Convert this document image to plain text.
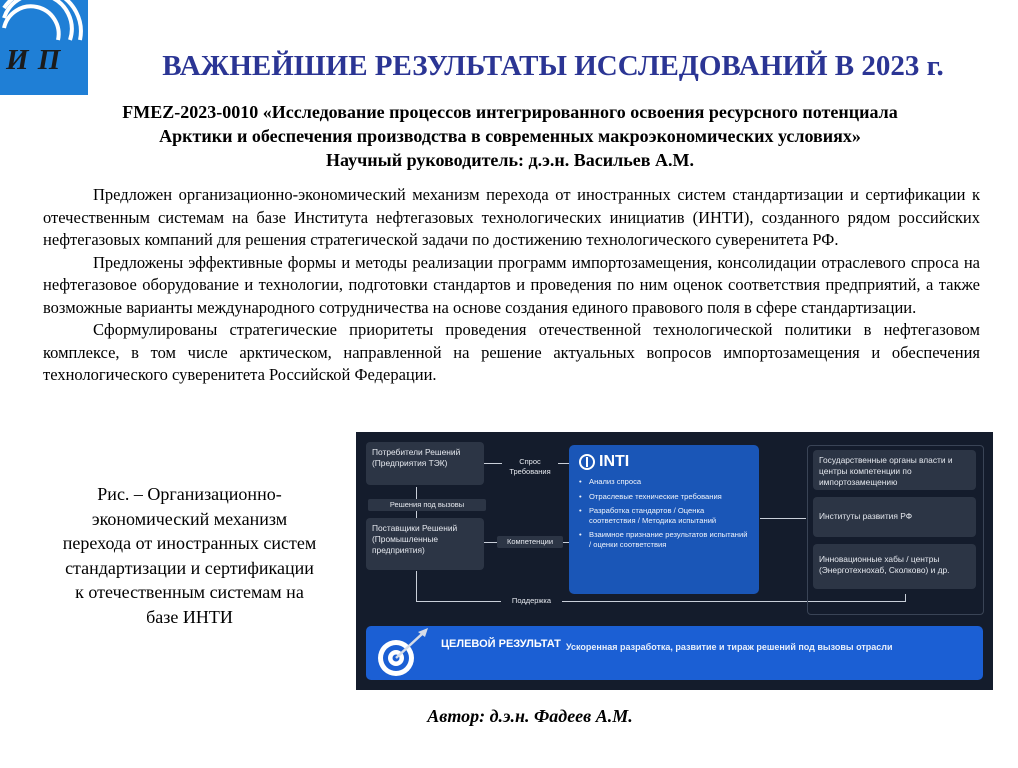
И П	ВАЖНЕЙШИЕ РЕЗУЛЬТАТЫ ИССЛЕДОВАНИЙ В 2023 г.
FMEZ-2023-0010 «Исследование процессов интегрированного освоения ресурсного потенциала
Арктики и обеспечения производства в современных макроэкономических условиях»
Научный руководитель: д.э.н. Васильев А.М.

Предложен организационно-экономический механизм перехода от иностранных систем стандартизации и сертификации к отечественным системам на базе Института нефтегазовых технологических инициатив (ИНТИ), созданного рядом российских нефтегазовых компаний для решения стратегической задачи по достижению технологического суверенитета РФ.

Предложены эффективные формы и методы реализации программ импортозамещения, консолидации отраслевого спроса на нефтегазовое оборудование и технологии, подготовки стандартов и проведения по ним оценок соответствия предприятий, а также возможные варианты международного сотрудничества на основе создания единого правового поля в сфере стандартизации.

Сформулированы стратегические приоритеты проведения отечественной технологической политики в нефтегазовом комплексе, в том числе арктическом, направленной на решение актуальных вопросов импортозамещения и обеспечения технологического суверенитета Российской Федерации.

Рис. – Организационно-экономический механизм перехода от иностранных систем стандартизации и сертификации к отечественным системам на базе ИНТИ
Потребители Решений (Предприятия ТЭК)	Спрос Требования
Решения под вызовы
Поставщики Решений (Промышленные предприятия)
Компетенции
Поддержка
INTI
• Анализ спроса
• Отраслевые технические требования
• Разработка стандартов / Оценка соответствия / Методика испытаний
• Взаимное признание результатов испытаний / оценки соответствия
Государственные органы власти и центры компетенции по импортозамещению
Институты развития РФ
Инновационные хабы / центры (Энерготехнохаб, Сколково) и др.
ЦЕЛЕВОЙ РЕЗУЛЬТАТ Ускоренная разработка, развитие и тираж решений под вызовы отрасли
Автор: д.э.н. Фадеев А.М.
